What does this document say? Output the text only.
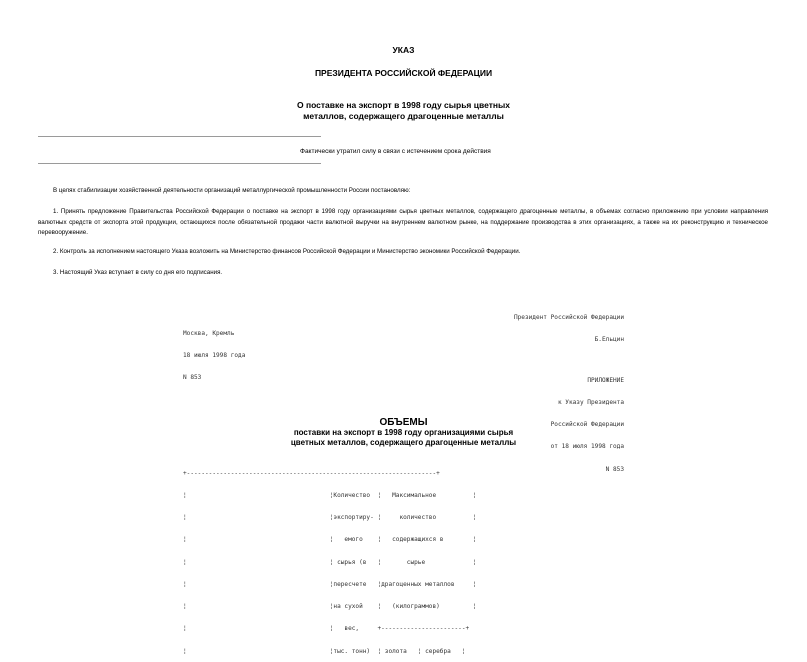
УКАЗ
ПРЕЗИДЕНТА РОССИЙСКОЙ ФЕДЕРАЦИИ
О поставке на экспорт в 1998 году сырья цветных
металлов, содержащего драгоценные металлы
Фактически утратил силу в связи с истечением срока действия
В целях стабилизации хозяйственной деятельности организаций металлургической промышленности России постановляю:
1. Принять предложение Правительства Российской Федерации о поставке на экспорт в 1998 году организациями сырья цветных металлов, содержащего драгоценные металлы, в объемах согласно приложению при условии направления валютных средств от экспорта этой продукции, остающихся после обязательной продажи части валютной выручки на внутреннем валютном рынке, на поддержание производства в этих организациях, а также на их реконструкцию и техническое перевооружение.
2. Контроль за исполнением настоящего Указа возложить на Министерство финансов Российской Федерации и Министерство экономики Российской Федерации.
3. Настоящий Указ вступает в силу со дня его подписания.

Президент Российской Федерации

Б.Ельцин

Москва, Кремль

18 июля 1998 года

N 853

	ПРИЛОЖЕНИЕ

к Указу Президента

Российской Федерации

от 18 июля 1998 года

N 853

ОБЪЕМЫ
поставки на экспорт в 1998 году организациями сырья
цветных металлов, содержащего драгоценные металлы

+--------------------------------------------------------------------+

¦                                       ¦Количество  ¦   Максимальное          ¦

¦                                       ¦экспортиру- ¦     количество          ¦

¦                                       ¦   емого    ¦   содержащихся в        ¦

¦                                       ¦ сырья (в   ¦       сырье             ¦

¦                                       ¦пересчете   ¦драгоценных металлов     ¦

¦                                       ¦на сухой    ¦   (килограммов)         ¦

¦                                       ¦   вес,     +-----------------------+

¦                                       ¦тыс. тонн)  ¦ золота   ¦ серебра   ¦
